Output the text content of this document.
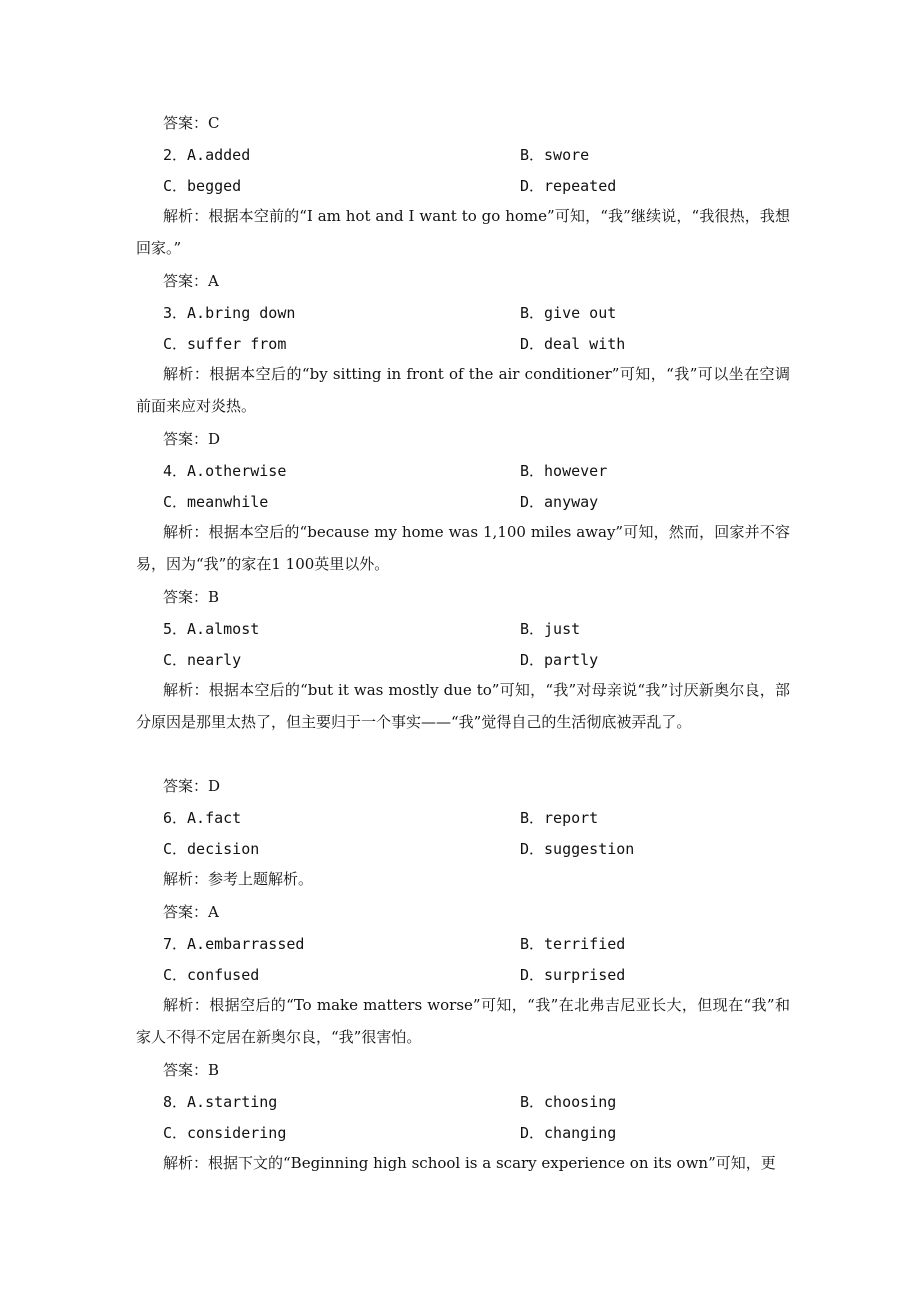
答案：C
2．A.added	B．swore
C．begged	D．repeated
解析：根据本空前的“I am hot and I want to go home”可知，“我”继续说，“我很热，我想回家。”
答案：A
3．A.bring down	B．give out
C．suffer from	D．deal with
解析：根据本空后的“by sitting in front of the air conditioner”可知，“我”可以坐在空调前面来应对炎热。
答案：D
4．A.otherwise	B．however
C．meanwhile	D．anyway
解析：根据本空后的“because my home was 1,100 miles away”可知，然而，回家并不容易，因为“我”的家在1 100英里以外。
答案：B
5．A.almost	B．just
C．nearly	D．partly
解析：根据本空后的“but it was mostly due to”可知，“我”对母亲说“我”讨厌新奥尔良，部分原因是那里太热了，但主要归于一个事实——“我”觉得自己的生活彻底被弄乱了。
答案：D
6．A.fact	B．report
C．decision	D．suggestion
解析：参考上题解析。
答案：A
7．A.embarrassed	B．terrified
C．confused	D．surprised
解析：根据空后的“To make matters worse”可知，“我”在北弗吉尼亚长大，但现在“我”和家人不得不定居在新奥尔良，“我”很害怕。
答案：B
8．A.starting	B．choosing
C．considering	D．changing
解析：根据下文的“Beginning high school is a scary experience on its own”可知，更
